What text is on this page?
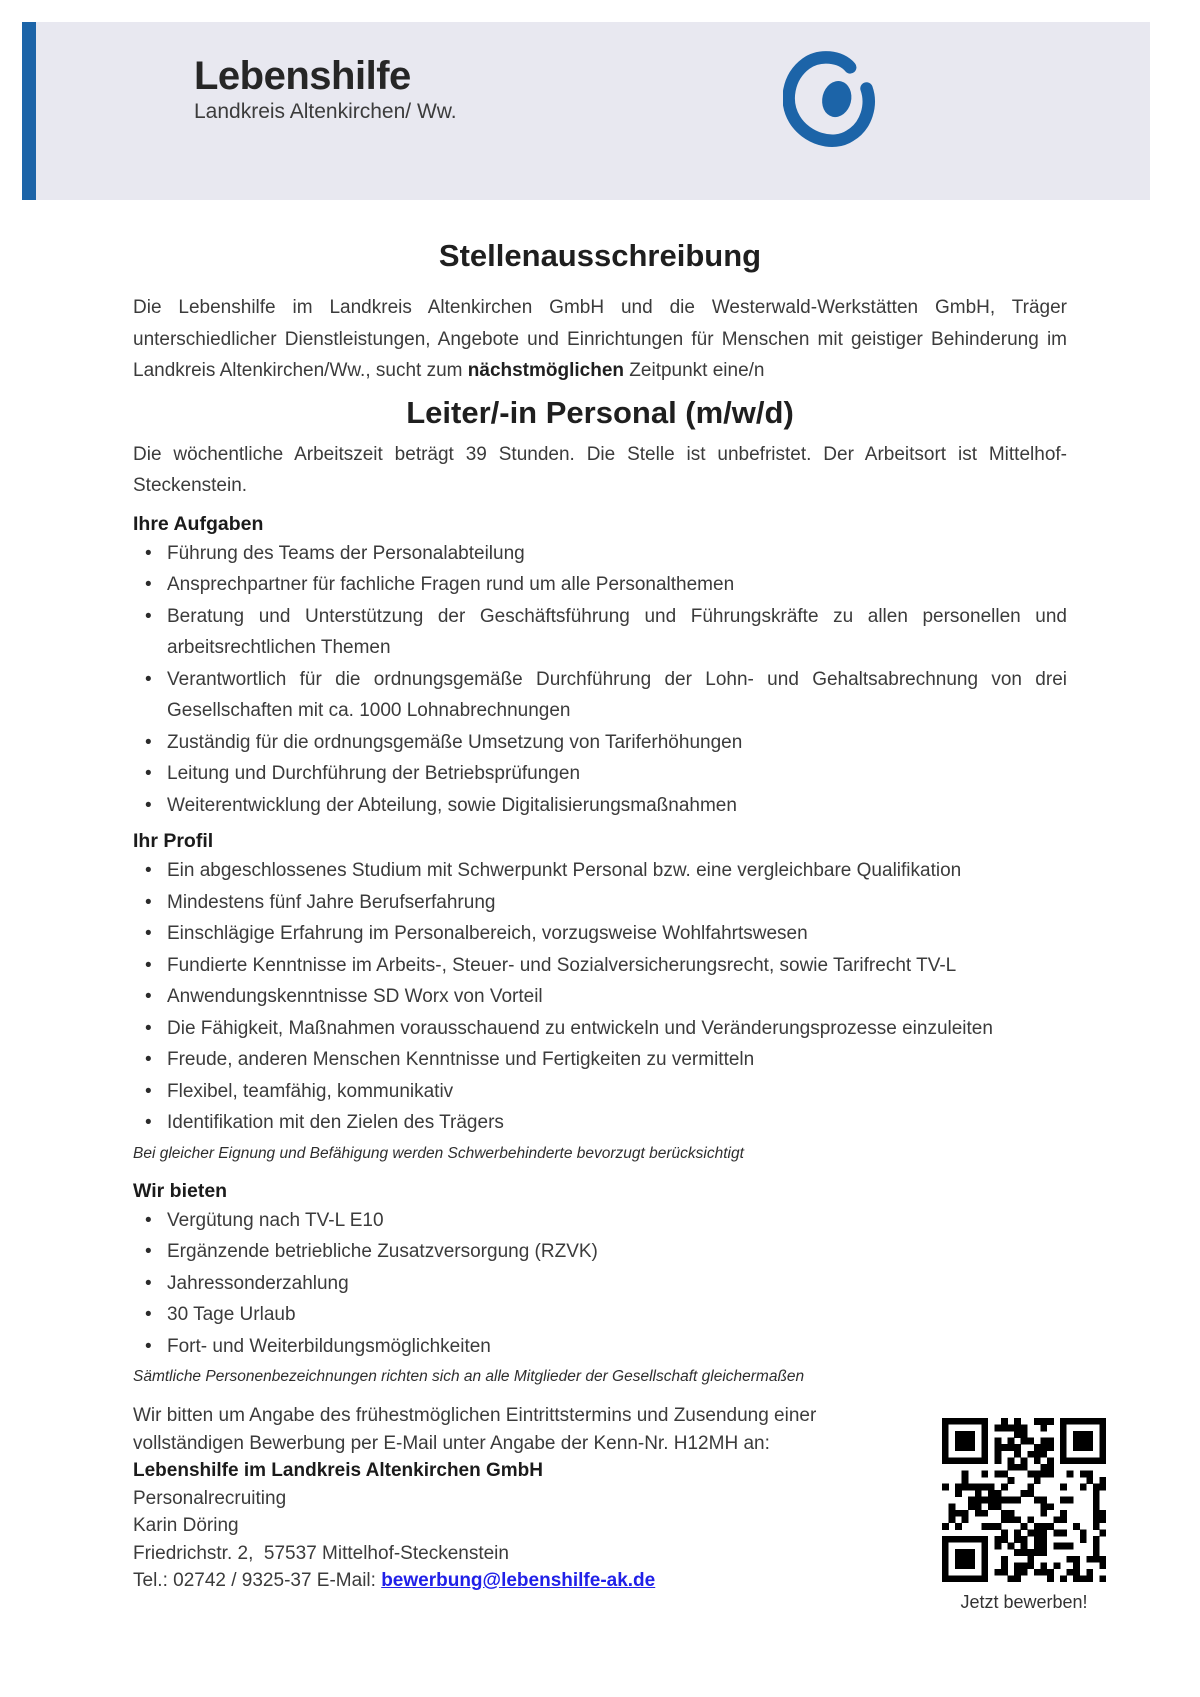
Lebenshilfe
Landkreis Altenkirchen/ Ww.
Stellenausschreibung

Die Lebenshilfe im Landkreis Altenkirchen GmbH und die Westerwald-Werkstätten GmbH, Träger unterschiedlicher Dienstleistungen, Angebote und Einrichtungen für Menschen mit geistiger Behinderung im Landkreis Altenkirchen/Ww., sucht zum nächstmöglichen Zeitpunkt eine/n

Leiter/-in Personal (m/w/d)

Die wöchentliche Arbeitszeit beträgt 39 Stunden. Die Stelle ist unbefristet. Der Arbeitsort ist Mittelhof-Steckenstein.

Ihre Aufgaben
• Führung des Teams der Personalabteilung
• Ansprechpartner für fachliche Fragen rund um alle Personalthemen
• Beratung und Unterstützung der Geschäftsführung und Führungskräfte zu allen personellen und arbeitsrechtlichen Themen
• Verantwortlich für die ordnungsgemäße Durchführung der Lohn- und Gehaltsabrechnung von drei Gesellschaften mit ca. 1000 Lohnabrechnungen
• Zuständig für die ordnungsgemäße Umsetzung von Tariferhöhungen
• Leitung und Durchführung der Betriebsprüfungen
• Weiterentwicklung der Abteilung, sowie Digitalisierungsmaßnahmen
Ihr Profil
• Ein abgeschlossenes Studium mit Schwerpunkt Personal bzw. eine vergleichbare Qualifikation
• Mindestens fünf Jahre Berufserfahrung
• Einschlägige Erfahrung im Personalbereich, vorzugsweise Wohlfahrtswesen
• Fundierte Kenntnisse im Arbeits-, Steuer- und Sozialversicherungsrecht, sowie Tarifrecht TV-L
• Anwendungskenntnisse SD Worx von Vorteil
• Die Fähigkeit, Maßnahmen vorausschauend zu entwickeln und Veränderungsprozesse einzuleiten
• Freude, anderen Menschen Kenntnisse und Fertigkeiten zu vermitteln
• Flexibel, teamfähig, kommunikativ
• Identifikation mit den Zielen des Trägers
Bei gleicher Eignung und Befähigung werden Schwerbehinderte bevorzugt berücksichtigt
Wir bieten
• Vergütung nach TV-L E10
• Ergänzende betriebliche Zusatzversorgung (RZVK)
• Jahressonderzahlung
• 30 Tage Urlaub
• Fort- und Weiterbildungsmöglichkeiten
Sämtliche Personenbezeichnungen richten sich an alle Mitglieder der Gesellschaft gleichermaßen
Wir bitten um Angabe des frühestmöglichen Eintrittstermins und Zusendung einer
vollständigen Bewerbung per E-Mail unter Angabe der Kenn-Nr. H12MH an:
Lebenshilfe im Landkreis Altenkirchen GmbH
Personalrecruiting
Karin Döring
Friedrichstr. 2,  57537 Mittelhof-Steckenstein
Tel.: 02742 / 9325-37 E-Mail: bewerbung@lebenshilfe-ak.de
Jetzt bewerben!
